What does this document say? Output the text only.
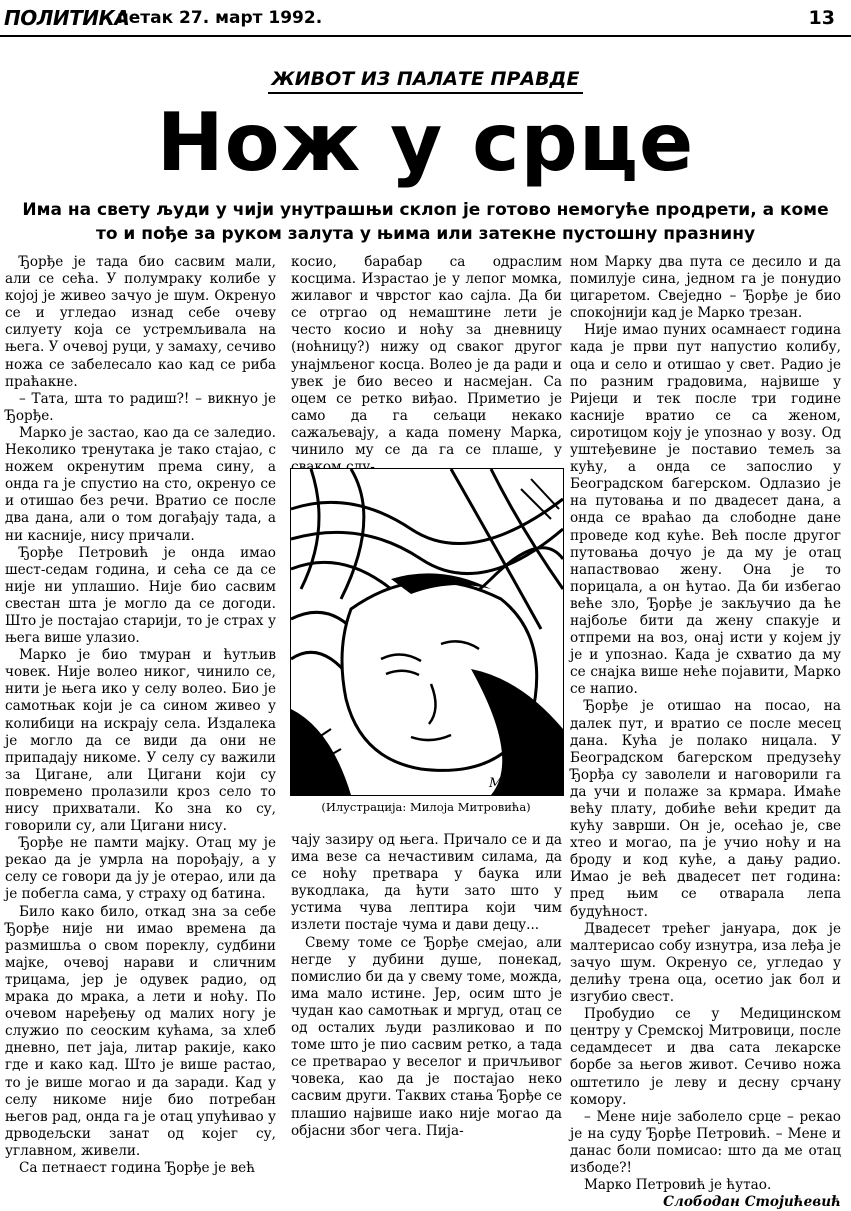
ПОЛИТИКА
петак 27. март 1992.	13
ЖИВОТ ИЗ ПАЛАТЕ ПРАВДЕ
Нож у срце
Има на свету људи у чији унутрашњи склоп је готово немогуће продрети, а коме то и пође за руком залута у њима или затекне пустошну празнину

Ђорђе је тада био сасвим мали, али се сећа. У полумраку колибе у којој је живео зачуо је шум. Окренуо се и угледао изнад себе очеву силуету која се устремљивала на њега. У очевој руци, у замаху, сечиво ножа се забелесало као кад се риба праћакне.

– Тата, шта то радиш?! – викнуо је Ђорђе.

Марко је застао, као да се заледио. Неколико тренутака је тако стајао, с ножем окренутим према сину, а онда га је спустио на сто, окренуо се и отишао без речи. Вратио се после два дана, али о том догађају тада, а ни касније, нису причали.

Ђорђе Петровић је онда имао шест-седам година, и сећа се да се није ни уплашио. Није био сасвим свестан шта је могло да се догоди. Што је постајао старији, то је страх у њега више улазио.

Марко је био тмуран и ћутљив човек. Није волео никог, чинило се, нити је њега ико у селу волео. Био је самотњак који је са сином живео у колибици на искрају села. Издалека је могло да се види да они не припадају никоме. У селу су важили за Цигане, али Цигани који су повремено пролазили кроз село то нису прихватали. Ко зна ко су, говорили су, али Цигани нису.

Ђорђе не памти мајку. Отац му је рекао да је умрла на порођају, а у селу се говори да ју је отерао, или да је побегла сама, у страху од батина.

Било како било, откад зна за себе Ђорђе није ни имао времена да размишља о свом пореклу, судбини мајке, очевој нарави и сличним трицама, јер је одувек радио, од мрака до мрака, а лети и ноћу. По очевом наређењу од малих ногу је служио по сеоским кућама, за хлеб дневно, пет јаја, литар ракије, како где и како кад. Што је више растао, то је више могао и да заради. Кад у селу никоме није био потребан његов рад, онда га је отац упућивао у дрводељски занат од којег су, углавном, живели.

Са петнаест година Ђорђе је већ

косио, барабар са одраслим косцима. Израстао је у лепог момка, жилавог и чврстог као сајла. Да би се отргао од немаштине лети је често косио и ноћу за дневницу (ноћницу?) нижу од сваког другог унајмљеног косца. Волео је да ради и увек је био весео и насмејан. Са оцем се ретко виђао. Приметио је само да га сељаци некако сажаљевају, а када помену Марка, чинило му се да га се плаше, у

Милоје 92
(Илустрација: Милоја Митровића)

чају зазиру од њега. Причало се и да има везе са нечастивим силама, да се ноћу претвара у баука или вукодлака, да ћути зато што у устима чува лептира који чим излети постаје чума и дави децу...

Свему томе се Ђорђе смејао, али негде у дубини душе, понекад, помислио би да у свему томе, можда, има мало истине. Јер, осим што је чудан као самотњак и мргуд, отац се од осталих људи разликовао и по томе што је пио сасвим ретко, а тада се претварао у веселог и причљивог човека, као да је постајао неко сасвим други. Таквих стања Ђорђе се плашио највише иако није могао да објасни због чега. Пија-

ном Марку два пута се десило и да помилује сина, једном га је понудио цигаретом. Свеједно – Ђорђе је био спокојнији кад је Марко трезан.

Није имао пуних осамнаест година када је први пут напустио колибу, оца и село и отишао у свет. Радио је по разним градовима, највише у Ријеци и тек после три године касније вратио се са женом, сиротицом коју је упознао у возу. Од уштеђевине је поставио темељ за кућу, а онда се запослио у Београдском багерском. Одлазио је на путовања и по двадесет дана, а онда се враћао да слободне дане проведе код куће. Већ после другог путовања дочуо је да му је отац напаствовао жену. Она је то порицала, а он ћутао. Да би избегао веће зло, Ђорђе је закључио да ће најбоље бити да жену спакује и отпреми на воз, онај исти у којем ју је и упознао. Када је схватио да му се снајка више неће појавити, Марко се напио.

Ђорђе је отишао на посао, на далек пут, и вратио се после месец дана. Кућа је полако ницала. У Београдском багерском предузећу Ђорђа су заволели и наговорили га да учи и полаже за крмара. Имаће већу плату, добиће већи кредит да кућу заврши. Он је, осећао је, све хтео и могао, па је учио ноћу и на броду и код куће, а дању радио. Имао је већ двадесет пет година: пред њим се отварала лепа будућност.

Двадесет трећег јануара, док је малтерисао собу изнутра, иза леђа је зачуо шум. Окренуо се, угледао у делићу трена оца, осетио јак бол и изгубио свест.

Пробудио се у Медицинском центру у Сремској Митровици, после седамдесет и два сата лекарске борбе за његов живот. Сечиво ножа оштетило је леву и десну срчану комору.

– Мене није заболело срце – рекао је на суду Ђорђе Петровић. – Мене и данас боли помисао: што да ме отац избоде?!

Марко Петровић је ћутао.

Слободан Стојићевић
